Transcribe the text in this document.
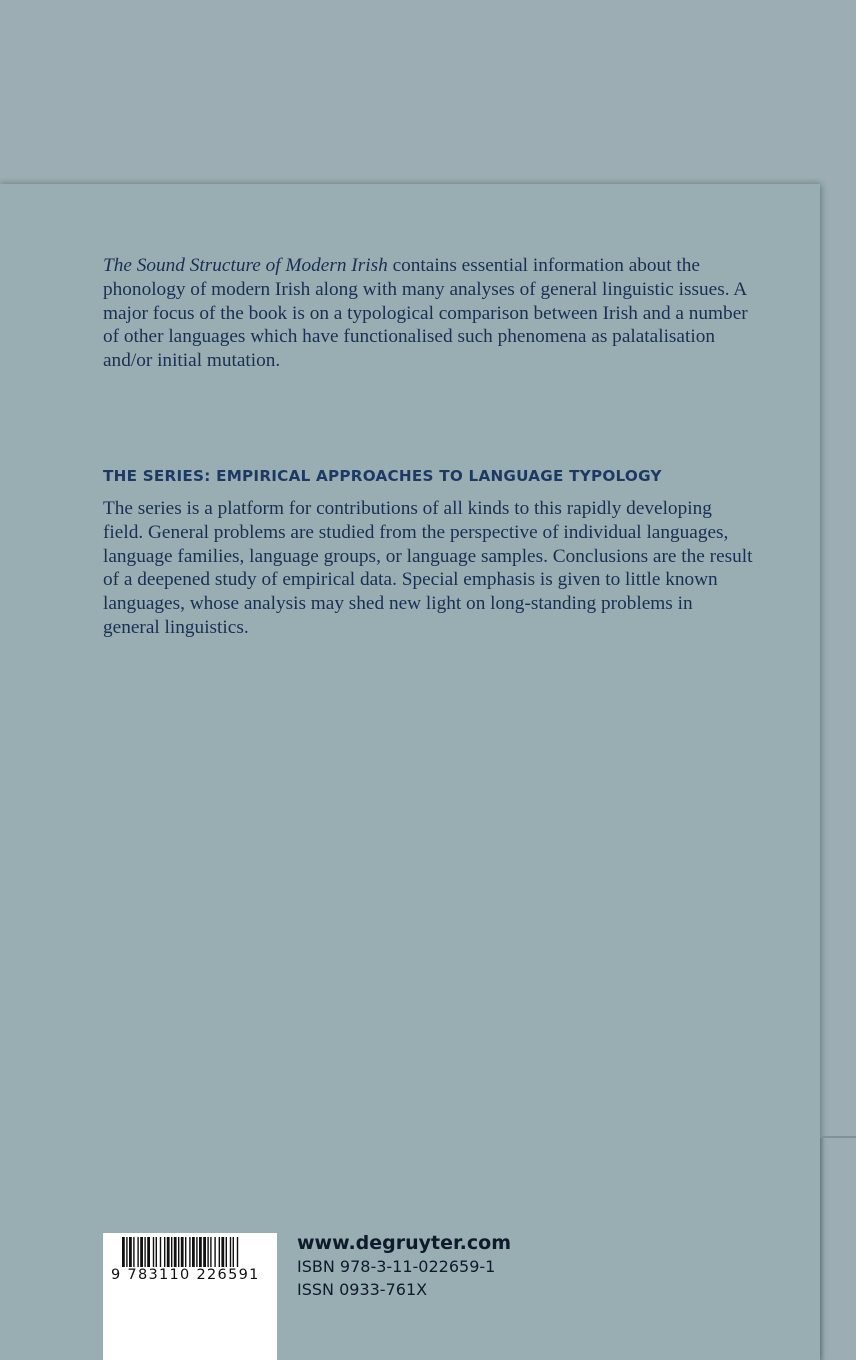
The Sound Structure of Modern Irish contains essential information about the phonology of modern Irish along with many analyses of general linguistic issues. A major focus of the book is on a typological comparison between Irish and a number of other languages which have functionalised such phenomena as palatalisation and/or initial mutation.

THE SERIES: EMPIRICAL APPROACHES TO LANGUAGE TYPOLOGY

The series is a platform for contributions of all kinds to this rapidly developing field. General problems are studied from the perspective of individual languages, language families, language groups, or language samples. Conclusions are the result of a deepened study of empirical data. Special emphasis is given to little known languages, whose analysis may shed new light on long-standing problems in general linguistics.

9 783110 226591
www.degruyter.com
ISBN 978-3-11-022659-1
ISSN 0933-761X
